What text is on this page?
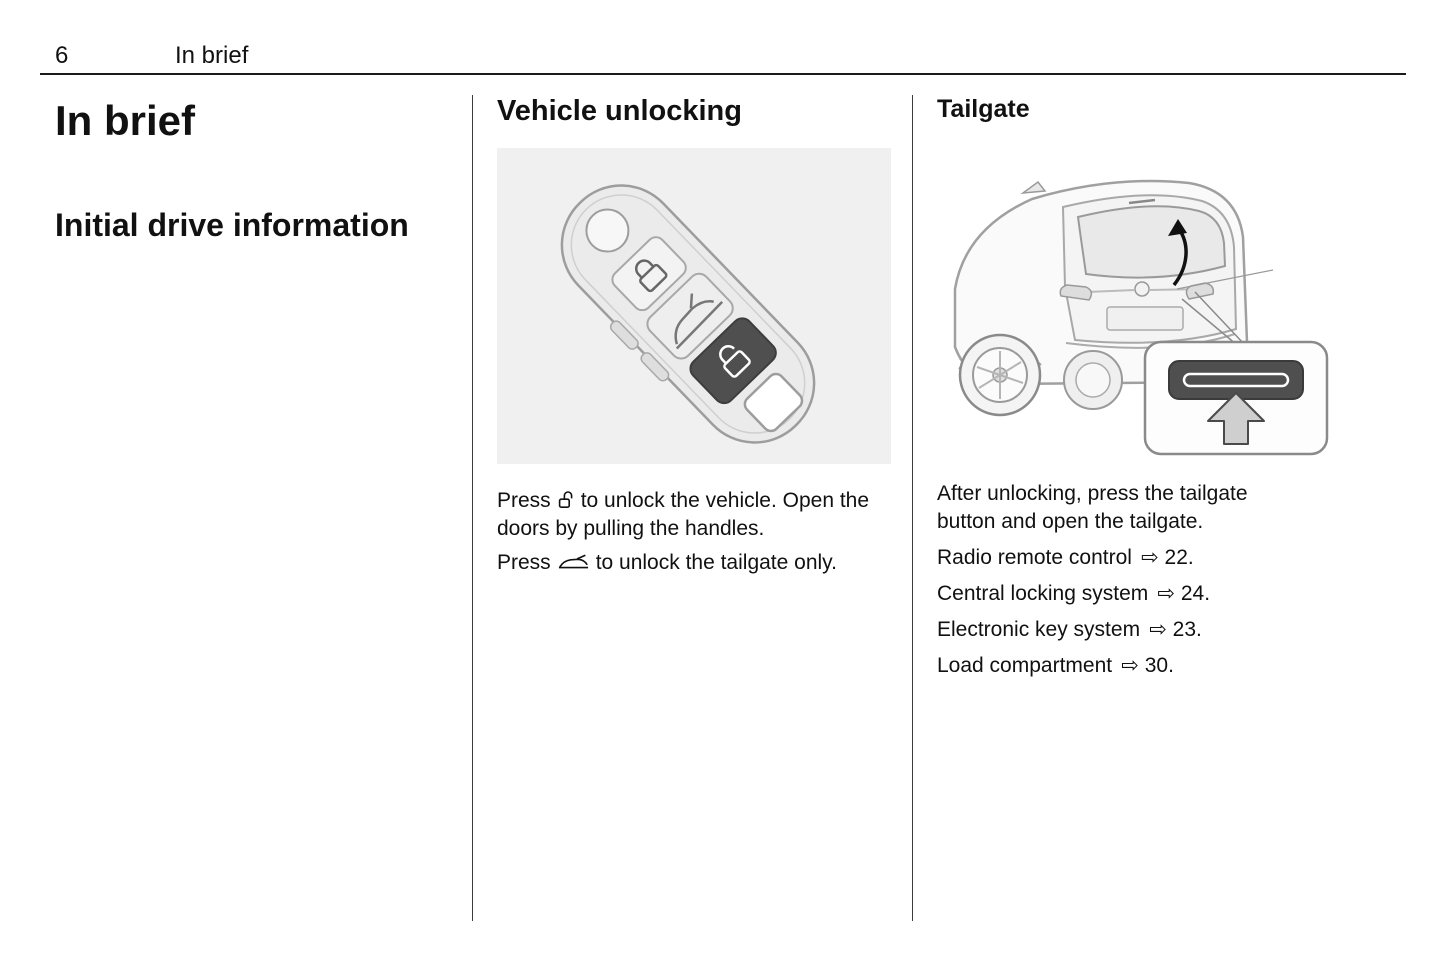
6	In brief
In brief
Initial drive information
Vehicle unlocking

Press to unlock the vehicle. Open the doors by pulling the handles.

Press to unlock the tailgate only.

Tailgate

After unlocking, press the tailgate button and open the tailgate.

Radio remote control ⇨ 22.

Central locking system ⇨ 24.

Electronic key system ⇨ 23.

Load compartment ⇨ 30.
